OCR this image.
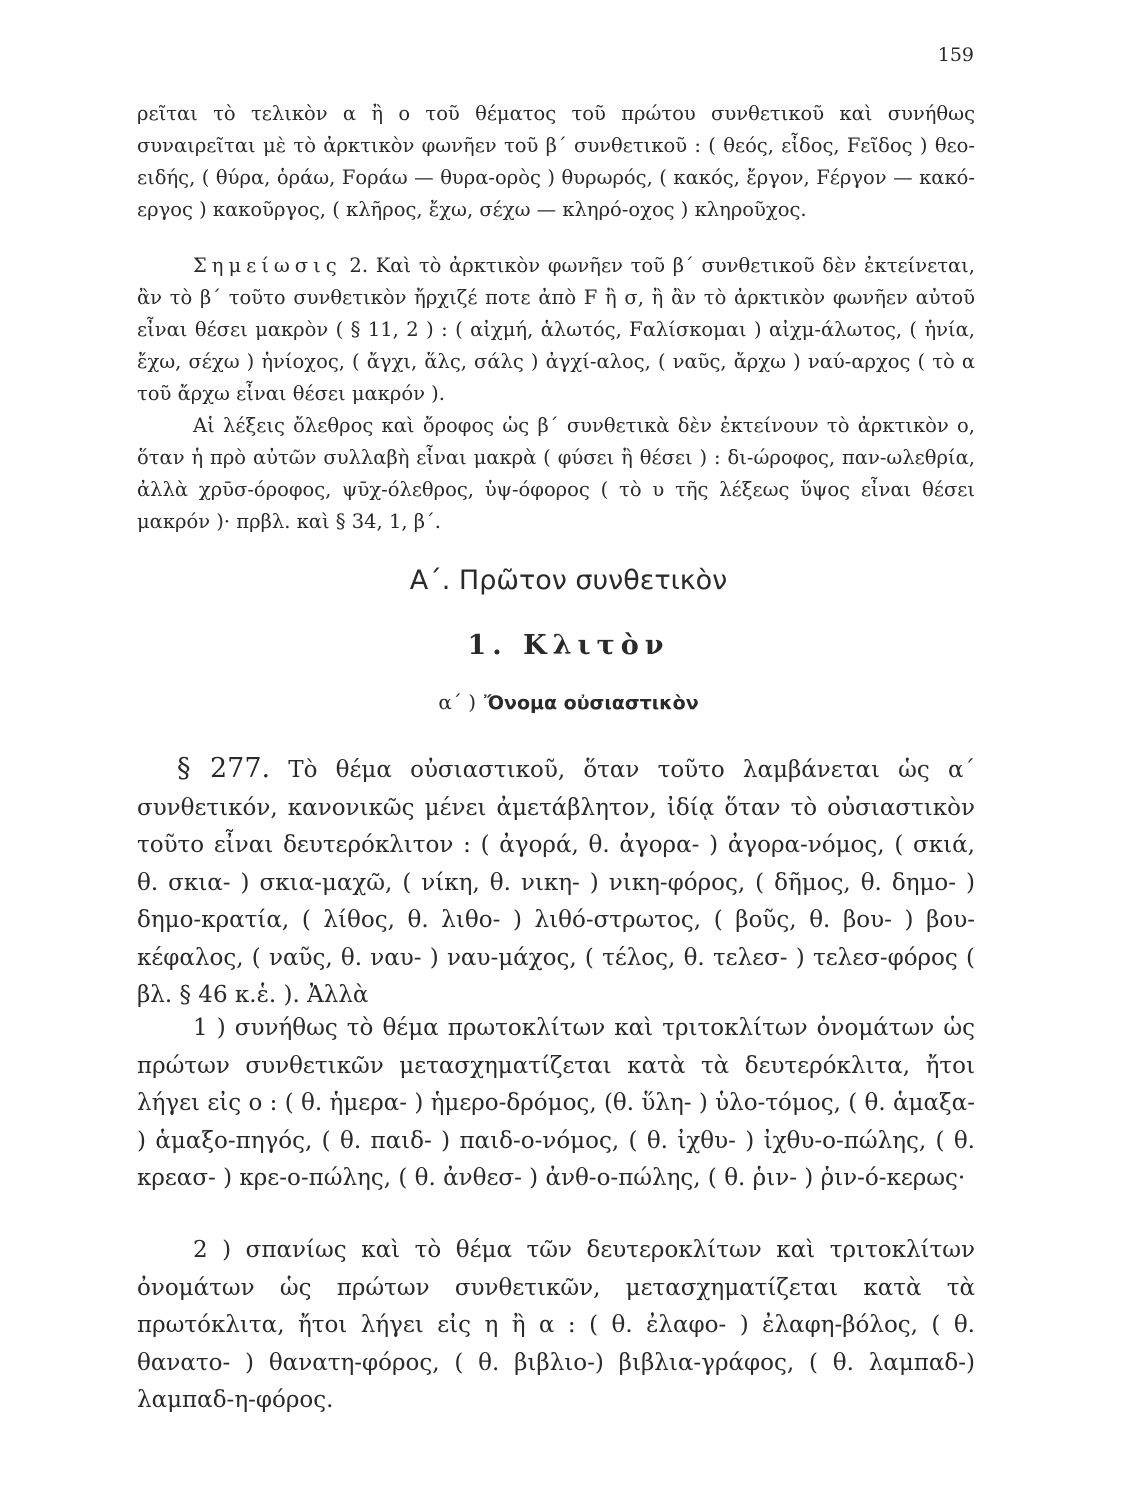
159

ρεῖται τὸ τελικὸν α ἢ ο τοῦ θέματος τοῦ πρώτου συνθετικοῦ καὶ συνήθως συναιρεῖται μὲ τὸ ἀρκτικὸν φωνῆεν τοῦ β΄ συνθετικοῦ : ( θεός, εἶδος, Fεῖδος ) θεο-ειδής, ( θύρα, ὁράω, Fοράω — θυρα-ορὸς ) θυρωρός, ( κακός, ἔργον, Fέργον — κακό-εργος ) κακοῦργος, ( κλῆρος, ἔχω, σέχω — κληρό-οχος ) κληροῦχος.

Σημείωσις 2. Καὶ τὸ ἀρκτικὸν φωνῆεν τοῦ β΄ συνθετικοῦ δὲν ἐκτείνεται, ἂν τὸ β΄ τοῦτο συνθετικὸν ἤρχιζέ ποτε ἀπὸ F ἢ σ, ἢ ἂν τὸ ἀρκτικὸν φωνῆεν αὐτοῦ εἶναι θέσει μακρὸν ( § 11, 2 ) : ( αἰχμή, ἁλωτός, Fαλίσκομαι ) αἰχμ-άλωτος, ( ἡνία, ἔχω, σέχω ) ἡνίοχος, ( ἄγχι, ἅλς, σάλς ) ἀγχί-αλος, ( ναῦς, ἄρχω ) ναύ-αρχος ( τὸ α τοῦ ἄρχω εἶναι θέσει μακρόν ).

Αἱ λέξεις ὄλεθρος καὶ ὄροφος ὡς β΄ συνθετικὰ δὲν ἐκτείνουν τὸ ἀρκτικὸν ο, ὅταν ἡ πρὸ αὐτῶν συλλαβὴ εἶναι μακρὰ ( φύσει ἢ θέσει ) : δι-ώροφος, παν-ωλεθρία, ἀλλὰ χρῡσ-όροφος, ψῡχ-όλεθρος, ὑψ-όφορος ( τὸ υ τῆς λέξεως ὕψος εἶναι θέσει μακρόν )· πρβλ. καὶ § 34, 1, β΄.

Α΄. Πρῶτον συνθετικὸν
1. Κλιτὸν
α΄ ) Ὄνομα οὐσιαστικὸν

§ 277. Τὸ θέμα οὐσιαστικοῦ, ὅταν τοῦτο λαμβάνεται ὡς α΄ συνθετικόν, κανονικῶς μένει ἀμετάβλητον, ἰδίᾳ ὅταν τὸ οὐσιαστικὸν τοῦτο εἶναι δευτερόκλιτον : ( ἀγορά, θ. ἀγορα- ) ἀγορα-νόμος, ( σκιά, θ. σκια- ) σκια-μαχῶ, ( νίκη, θ. νικη- ) νικη-φόρος, ( δῆμος, θ. δημο- ) δημο-κρατία, ( λίθος, θ. λιθο- ) λιθό-στρωτος, ( βοῦς, θ. βου- ) βου-κέφαλος, ( ναῦς, θ. ναυ- ) ναυ-μάχος, ( τέλος, θ. τελεσ- ) τελεσ-φόρος ( βλ. § 46 κ.ἑ. ). Ἀλλὰ

1 ) συνήθως τὸ θέμα πρωτοκλίτων καὶ τριτοκλίτων ὀνομάτων ὡς πρώτων συνθετικῶν μετασχηματίζεται κατὰ τὰ δευτερόκλιτα, ἤτοι λήγει εἰς ο : ( θ. ἡμερα- ) ἡμερο-δρόμος, (θ. ὕλη- ) ὑλο-τόμος, ( θ. ἁμαξα- ) ἁμαξο-πηγός, ( θ. παιδ- ) παιδ-ο-νόμος, ( θ. ἰχθυ- ) ἰχθυ-ο-πώλης, ( θ. κρεασ- ) κρε-ο-πώλης, ( θ. ἀνθεσ- ) ἀνθ-ο-πώλης, ( θ. ῥιν- ) ῥιν-ό-κερως·

2 ) σπανίως καὶ τὸ θέμα τῶν δευτεροκλίτων καὶ τριτοκλίτων ὀνομάτων ὡς πρώτων συνθετικῶν, μετασχηματίζεται κατὰ τὰ πρωτόκλιτα, ἤτοι λήγει εἰς η ἢ α : ( θ. ἐλαφο- ) ἐλαφη-βόλος, ( θ. θανατο- ) θανατη-φόρος, ( θ. βιβλιο-) βιβλια-γράφος, ( θ. λαμπαδ-) λαμπαδ-η-φόρος.
